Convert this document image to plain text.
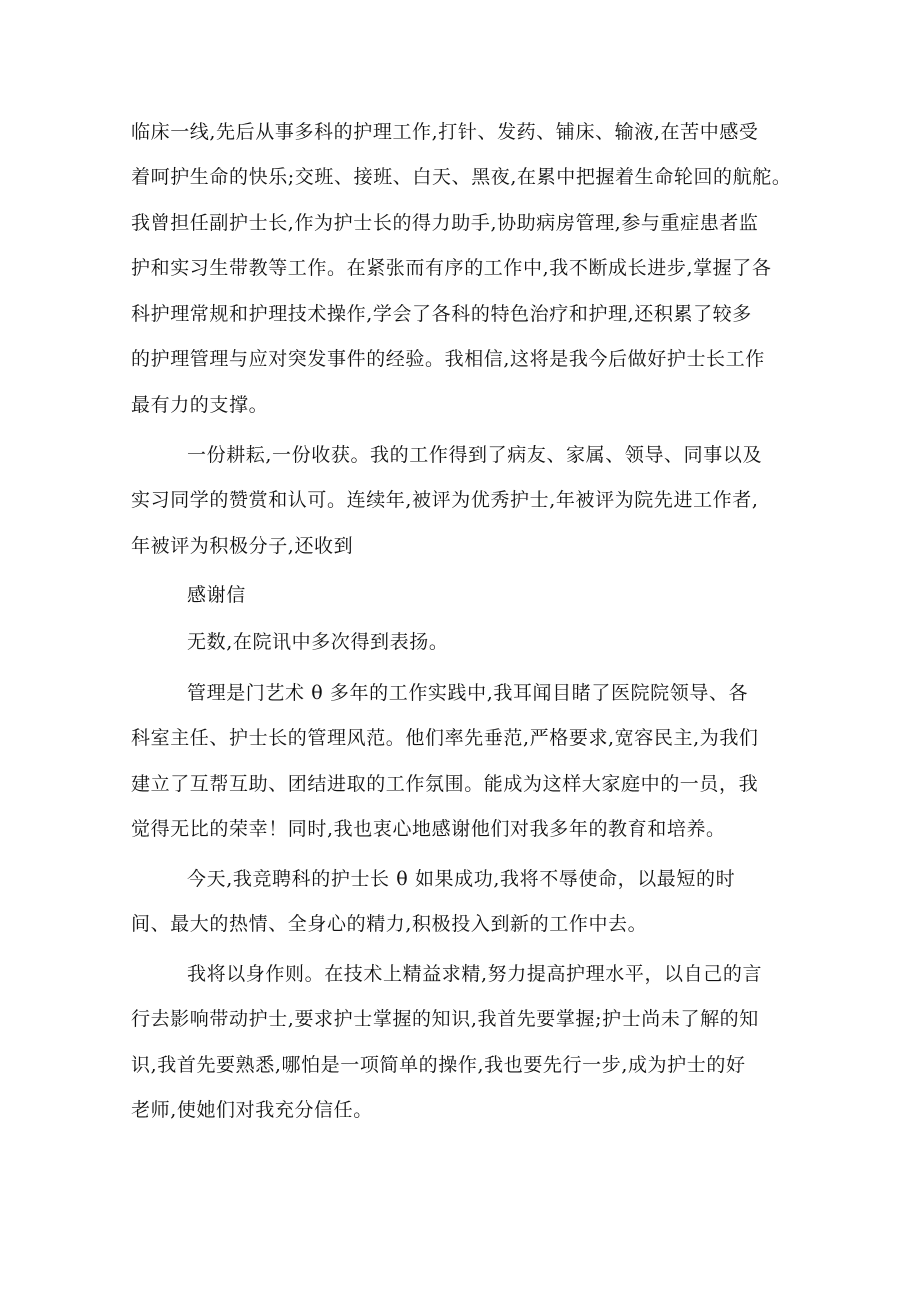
临床一线,先后从事多科的护理工作,打针、发药、铺床、输液,在苦中感受
着呵护生命的快乐;交班、接班、白天、黑夜,在累中把握着生命轮回的航舵。
我曾担任副护士长,作为护士长的得力助手,协助病房管理,参与重症患者监
护和实习生带教等工作。在紧张而有序的工作中,我不断成长进步,掌握了各
科护理常规和护理技术操作,学会了各科的特色治疗和护理,还积累了较多
的护理管理与应对突发事件的经验。我相信,这将是我今后做好护士长工作
最有力的支撑。
一份耕耘,一份收获。我的工作得到了病友、家属、领导、同事以及
实习同学的赞赏和认可。连续年,被评为优秀护士,年被评为院先进工作者,
年被评为积极分子,还收到
感谢信
无数,在院讯中多次得到表扬。
管理是门艺术 θ 多年的工作实践中,我耳闻目睹了医院院领导、各
科室主任、护士长的管理风范。他们率先垂范,严格要求,宽容民主,为我们
建立了互帮互助、团结进取的工作氛围。能成为这样大家庭中的一员，我
觉得无比的荣幸！同时,我也衷心地感谢他们对我多年的教育和培养。
今天,我竞聘科的护士长 θ 如果成功,我将不辱使命，以最短的时
间、最大的热情、全身心的精力,积极投入到新的工作中去。
我将以身作则。在技术上精益求精,努力提高护理水平，以自己的言
行去影响带动护士,要求护士掌握的知识,我首先要掌握;护士尚未了解的知
识,我首先要熟悉,哪怕是一项简单的操作,我也要先行一步,成为护士的好
老师,使她们对我充分信任。
